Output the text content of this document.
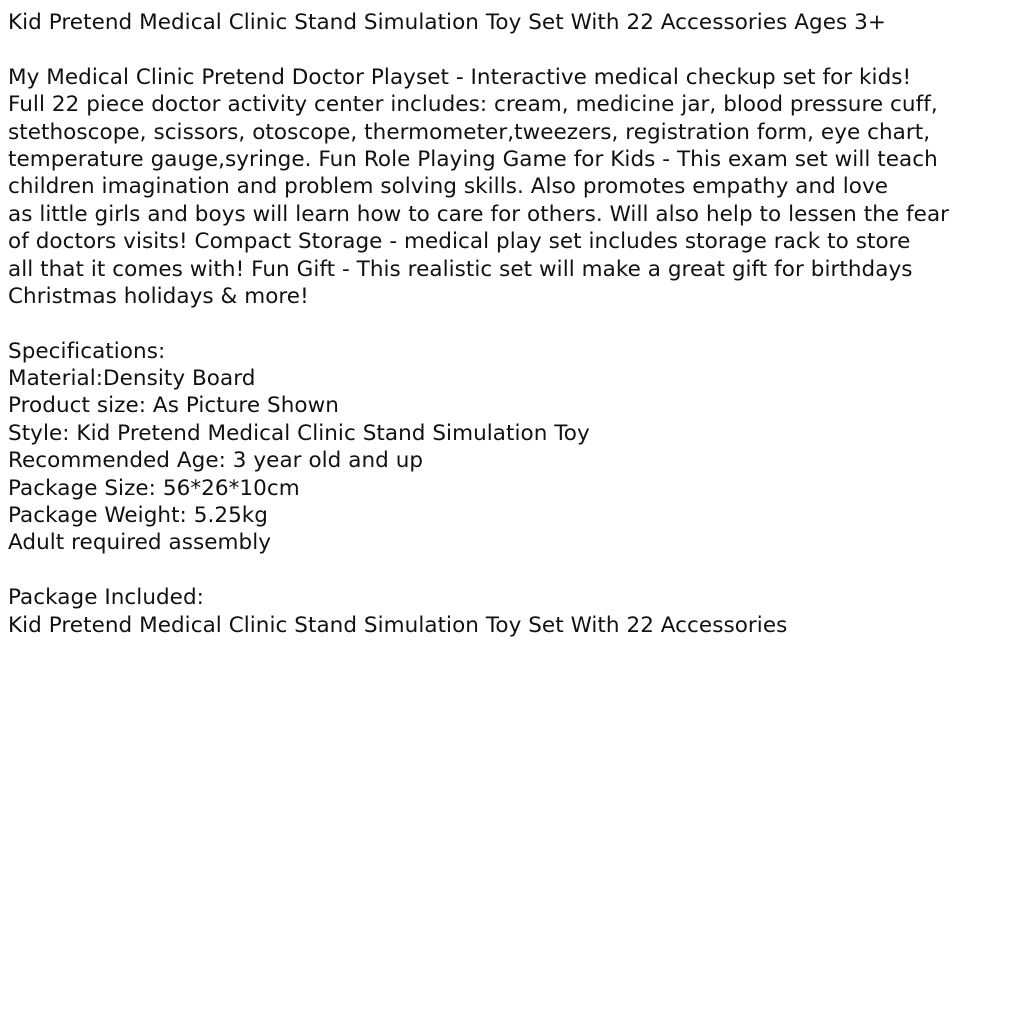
Kid Pretend Medical Clinic Stand Simulation Toy Set With 22 Accessories Ages 3+
My Medical Clinic Pretend Doctor Playset - Interactive medical checkup set for kids!
Full 22 piece doctor activity center includes: cream, medicine jar, blood pressure cuff,
stethoscope, scissors, otoscope, thermometer,tweezers, registration form, eye chart,
temperature gauge,syringe. Fun Role Playing Game for Kids - This exam set will teach
children imagination and problem solving skills. Also promotes empathy and love
as little girls and boys will learn how to care for others. Will also help to lessen the fear
of doctors visits! Compact Storage - medical play set includes storage rack to store
all that it comes with! Fun Gift - This realistic set will make a great gift for birthdays
Christmas holidays & more!
Specifications:
Material:Density Board
Product size: As Picture Shown
Style: Kid Pretend Medical Clinic Stand Simulation Toy
Recommended Age: 3 year old and up
Package Size: 56*26*10cm
Package Weight: 5.25kg
Adult required assembly
Package Included:
Kid Pretend Medical Clinic Stand Simulation Toy Set With 22 Accessories
